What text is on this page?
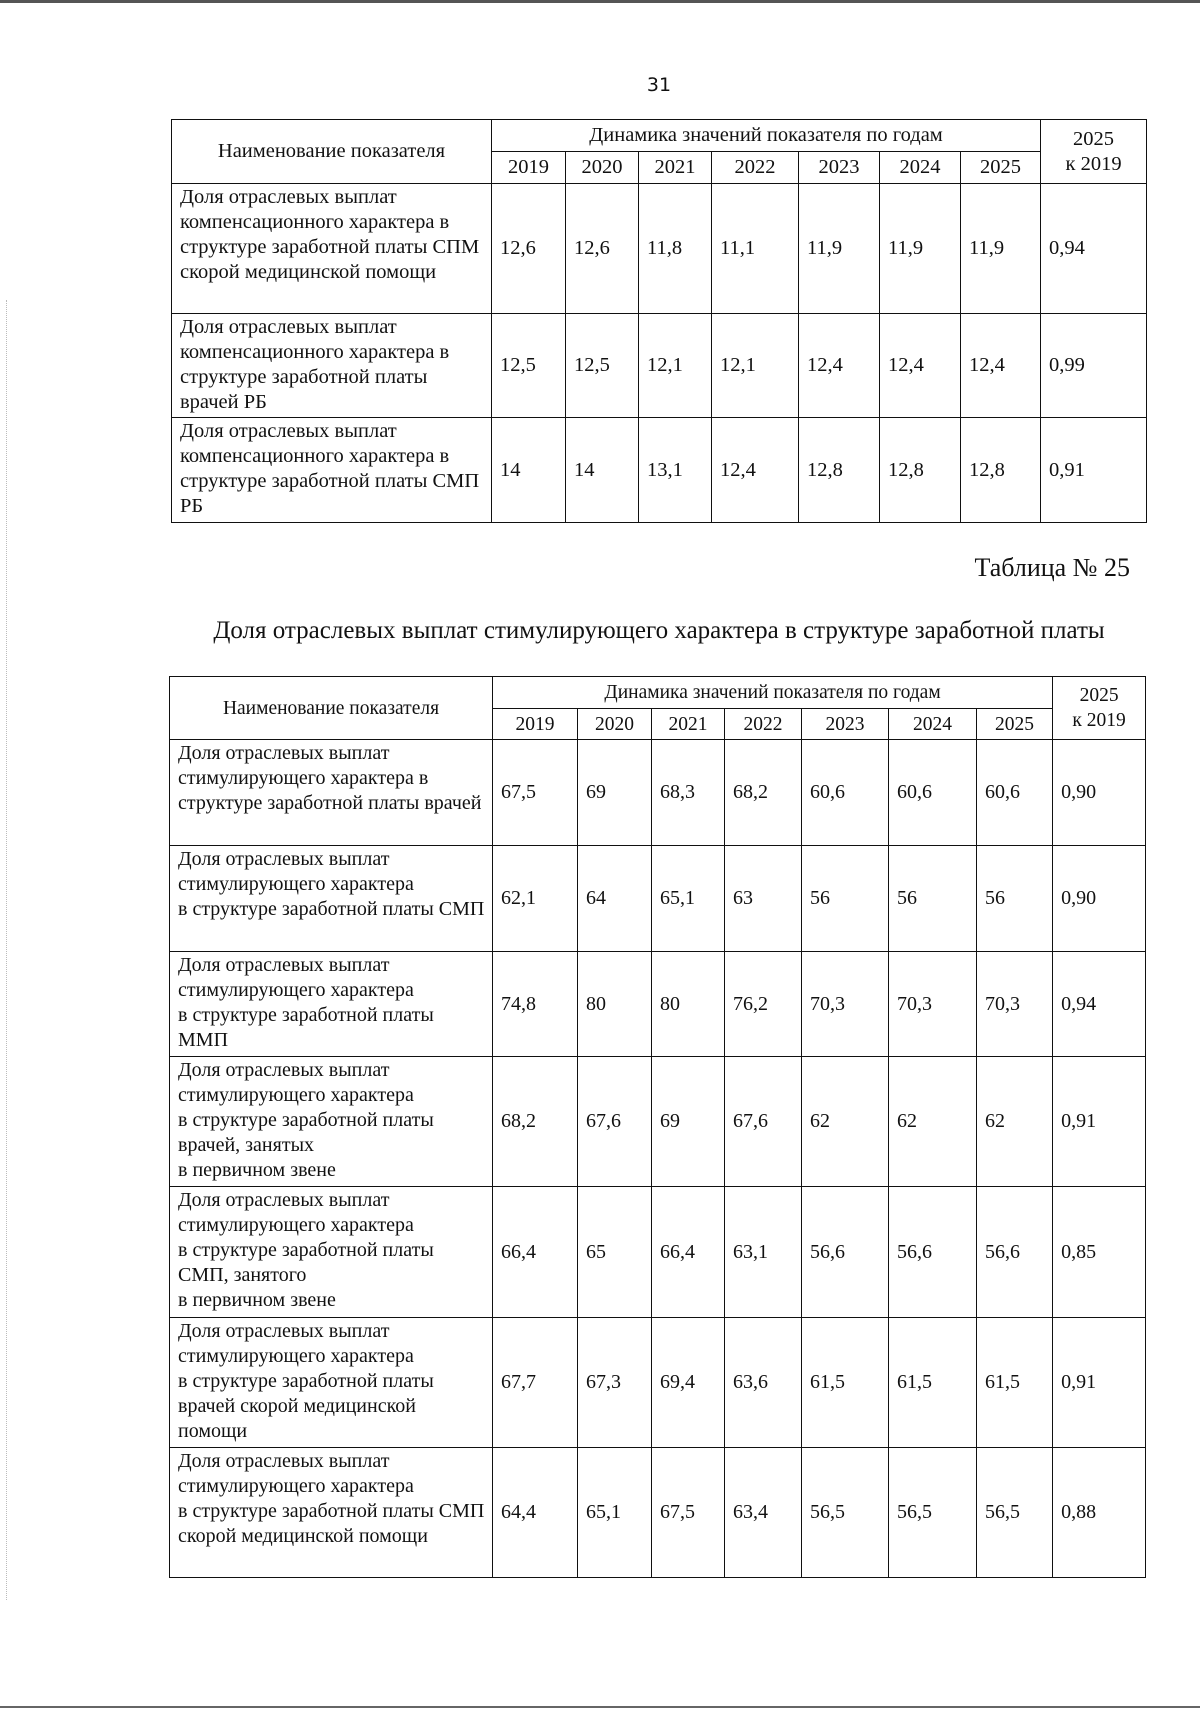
31
Наименование показателя	Динамика значений показателя по годам							2025
к 2019
	2019	2020	2021	2022	2023	2024	2025	
Доля отраслевых выплат компенсационного характера в структуре заработной платы СПМ скорой медицинской помощи	12,6	12,6	11,8	11,1	11,9	11,9	11,9	0,94
Доля отраслевых выплат компенсационного характера в структуре заработной платы врачей РБ	12,5	12,5	12,1	12,1	12,4	12,4	12,4	0,99
Доля отраслевых выплат компенсационного характера в структуре заработной платы СМП РБ	14	14	13,1	12,4	12,8	12,8	12,8	0,91
Таблица № 25
Доля отраслевых выплат стимулирующего характера в структуре заработной платы
Наименование показателя	Динамика значений показателя по годам							2025
к 2019
	2019	2020	2021	2022	2023	2024	2025	
Доля отраслевых выплат стимулирующего характера в структуре заработной платы врачей	67,5	69	68,3	68,2	60,6	60,6	60,6	0,90
Доля отраслевых выплат стимулирующего характера
в структуре заработной платы СМП	62,1	64	65,1	63	56	56	56	0,90
Доля отраслевых выплат стимулирующего характера
в структуре заработной платы ММП	74,8	80	80	76,2	70,3	70,3	70,3	0,94
Доля отраслевых выплат стимулирующего характера
в структуре заработной платы врачей, занятых
в первичном звене	68,2	67,6	69	67,6	62	62	62	0,91
Доля отраслевых выплат стимулирующего характера
в структуре заработной платы СМП, занятого
в первичном звене	66,4	65	66,4	63,1	56,6	56,6	56,6	0,85
Доля отраслевых выплат стимулирующего характера
в структуре заработной платы врачей скорой медицинской помощи	67,7	67,3	69,4	63,6	61,5	61,5	61,5	0,91
Доля отраслевых выплат стимулирующего характера
в структуре заработной платы СМП скорой медицинской помощи	64,4	65,1	67,5	63,4	56,5	56,5	56,5	0,88
